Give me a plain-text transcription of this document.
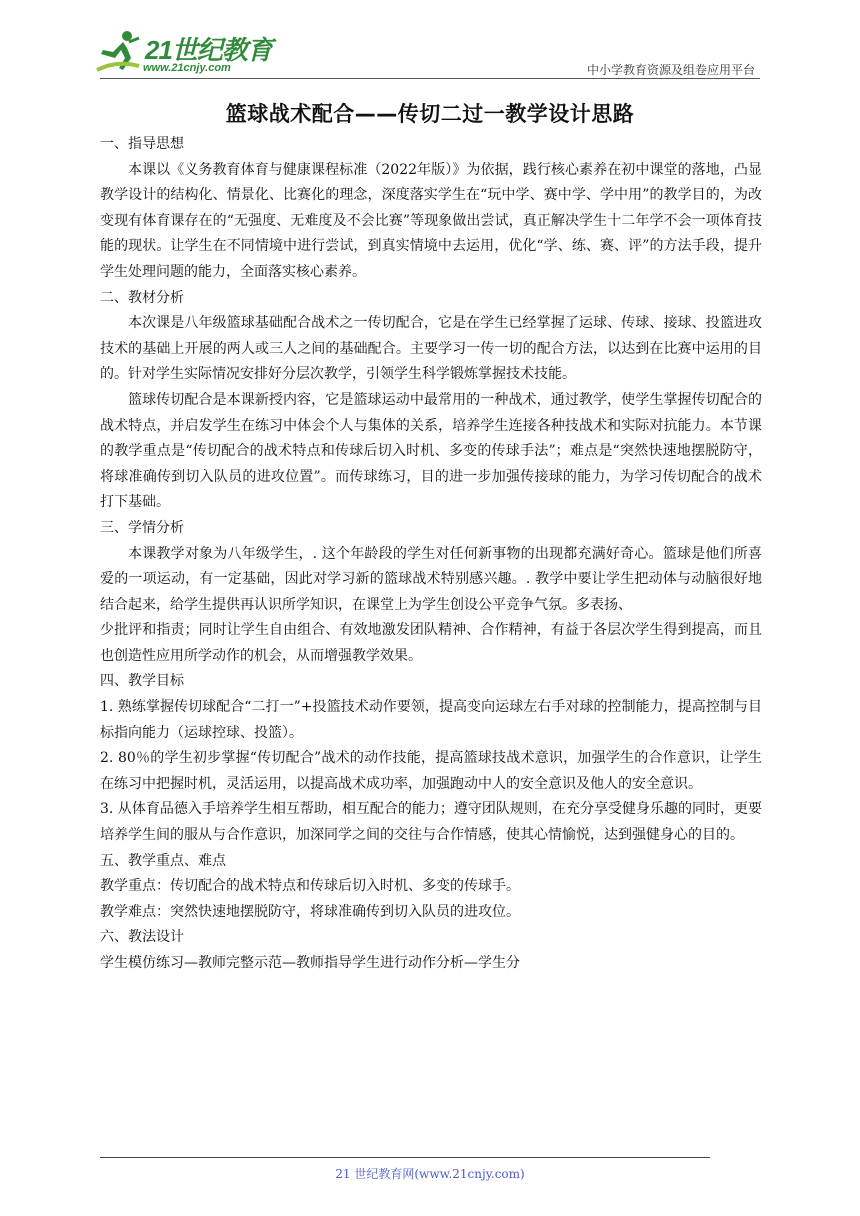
21世纪教育
www.21cnjy.com	中小学教育资源及组卷应用平台
篮球战术配合——传切二过一教学设计思路

一、指导思想

本课以《义务教育体育与健康课程标准（2022年版）》为依据，践行核心素养在初中课堂的落地，凸显教学设计的结构化、情景化、比赛化的理念，深度落实学生在“玩中学、赛中学、学中用”的教学目的，为改变现有体育课存在的“无强度、无难度及不会比赛”等现象做出尝试，真正解决学生十二年学不会一项体育技能的现状。让学生在不同情境中进行尝试，到真实情境中去运用，优化“学、练、赛、评”的方法手段，提升学生处理问题的能力，全面落实核心素养。

二、教材分析

本次课是八年级篮球基础配合战术之一传切配合，它是在学生已经掌握了运球、传球、接球、投篮进攻技术的基础上开展的两人或三人之间的基础配合。主要学习一传一切的配合方法，以达到在比赛中运用的目的。针对学生实际情况安排好分层次教学，引领学生科学锻炼掌握技术技能。

篮球传切配合是本课新授内容，它是篮球运动中最常用的一种战术，通过教学，使学生掌握传切配合的战术特点，并启发学生在练习中体会个人与集体的关系，培养学生连接各种技战术和实际对抗能力。本节课的教学重点是“传切配合的战术特点和传球后切入时机、多变的传球手法”；难点是“突然快速地摆脱防守，将球准确传到切入队员的进攻位置”。而传球练习，目的进一步加强传接球的能力，为学习传切配合的战术打下基础。

三、学情分析

本课教学对象为八年级学生，. 这个年龄段的学生对任何新事物的出现都充满好奇心。篮球是他们所喜爱的一项运动，有一定基础，因此对学习新的篮球战术特别感兴趣。. 教学中要让学生把动体与动脑很好地结合起来，给学生提供再认识所学知识，在课堂上为学生创设公平竞争气氛。多表扬、

少批评和指责；同时让学生自由组合、有效地激发团队精神、合作精神，有益于各层次学生得到提高，而且也创造性应用所学动作的机会，从而增强教学效果。

四、教学目标

1. 熟练掌握传切球配合“二打一”+投篮技术动作要领，提高变向运球左右手对球的控制能力，提高控制与目标指向能力（运球控球、投篮）。

2. 80％的学生初步掌握“传切配合”战术的动作技能，提高篮球技战术意识，加强学生的合作意识，让学生在练习中把握时机，灵活运用，以提高战术成功率，加强跑动中人的安全意识及他人的安全意识。

3. 从体育品德入手培养学生相互帮助，相互配合的能力；遵守团队规则，在充分享受健身乐趣的同时，更要培养学生间的服从与合作意识，加深同学之间的交往与合作情感，使其心情愉悦，达到强健身心的目的。

五、教学重点、难点

教学重点：传切配合的战术特点和传球后切入时机、多变的传球手。

教学难点：突然快速地摆脱防守，将球准确传到切入队员的进攻位。

六、教法设计

学生模仿练习—教师完整示范—教师指导学生进行动作分析—学生分

21 世纪教育网(www.21cnjy.com)
